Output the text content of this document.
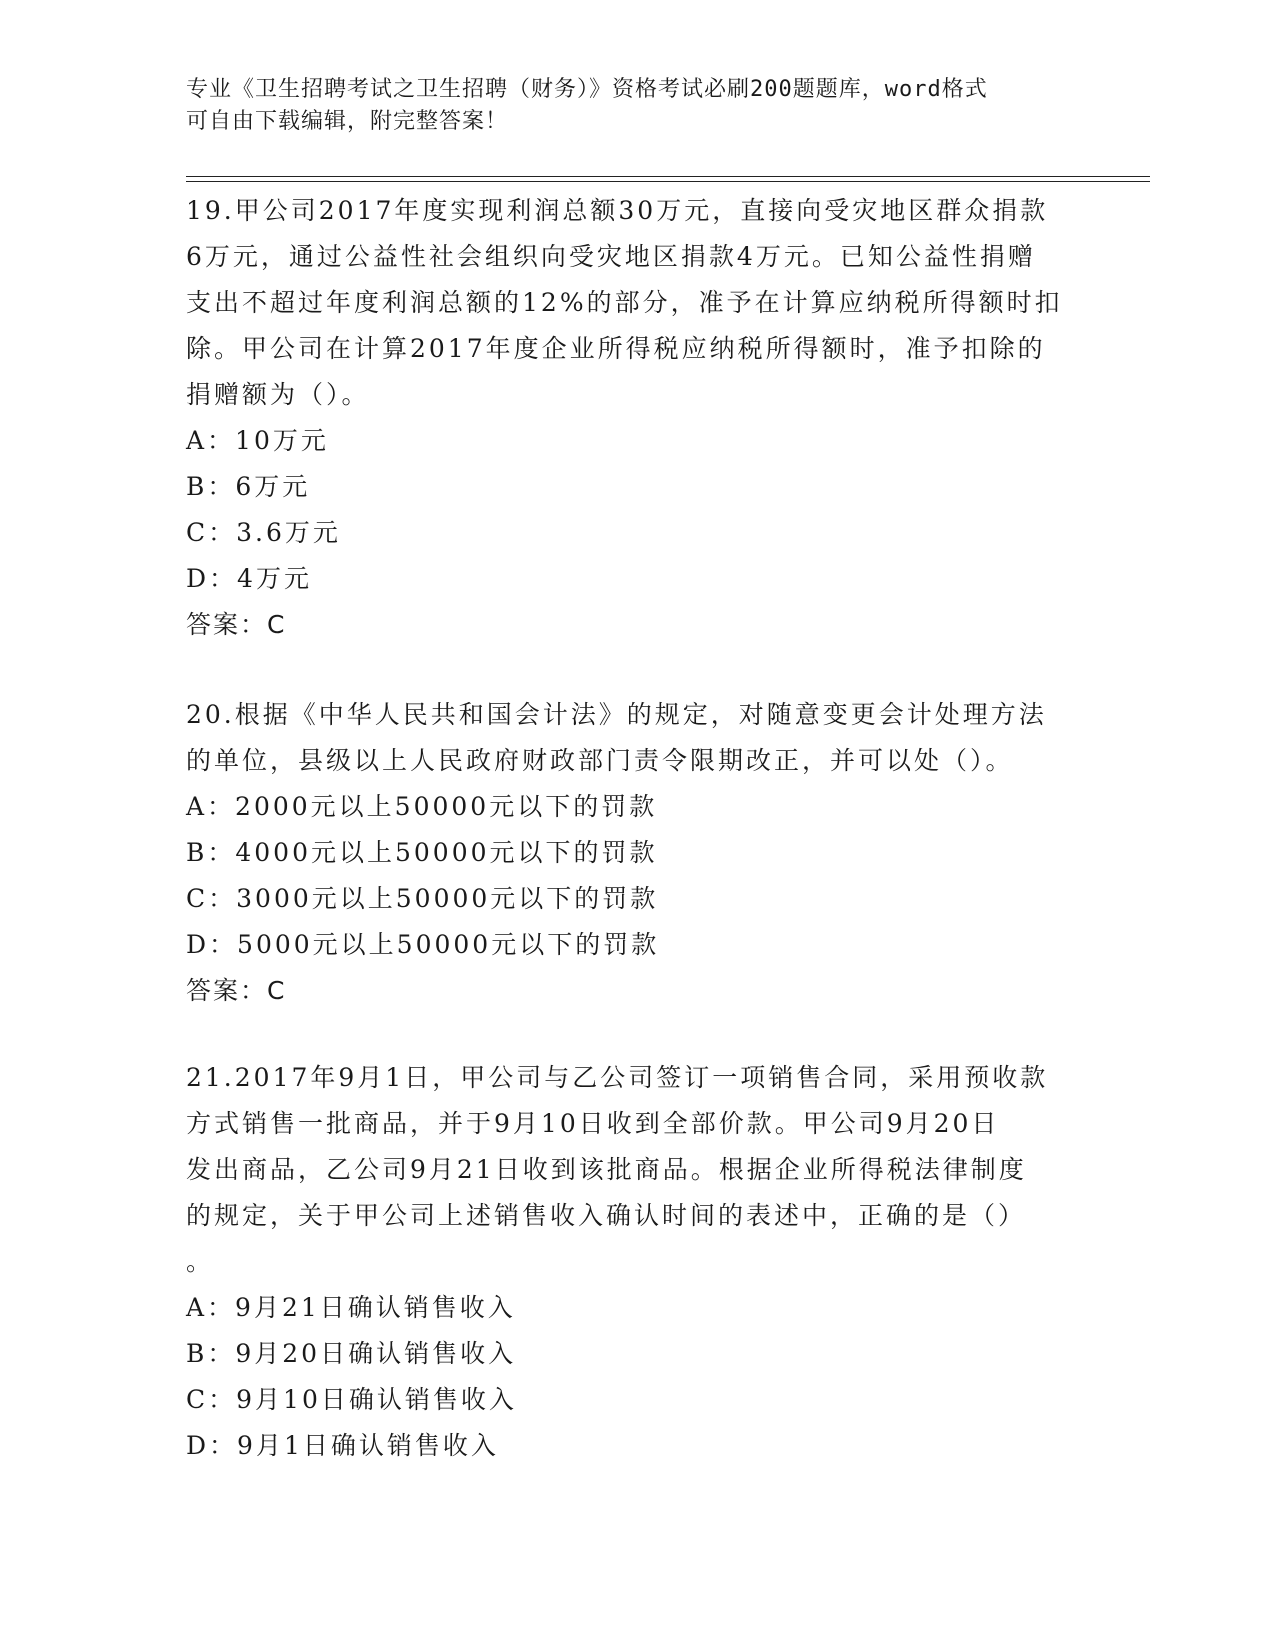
专业《卫生招聘考试之卫生招聘（财务）》资格考试必刷200题题库，word格式
可自由下载编辑，附完整答案！
19.甲公司2017年度实现利润总额30万元，直接向受灾地区群众捐款
6万元，通过公益性社会组织向受灾地区捐款4万元。已知公益性捐赠
支出不超过年度利润总额的12%的部分，准予在计算应纳税所得额时扣
除。甲公司在计算2017年度企业所得税应纳税所得额时，准予扣除的
捐赠额为（）。
A：10万元
B：6万元
C：3.6万元
D：4万元
答案：C
20.根据《中华人民共和国会计法》的规定，对随意变更会计处理方法
的单位，县级以上人民政府财政部门责令限期改正，并可以处（）。
A：2000元以上50000元以下的罚款
B：4000元以上50000元以下的罚款
C：3000元以上50000元以下的罚款
D：5000元以上50000元以下的罚款
答案：C
21.2017年9月1日，甲公司与乙公司签订一项销售合同，采用预收款
方式销售一批商品，并于9月10日收到全部价款。甲公司9月20日
发出商品，乙公司9月21日收到该批商品。根据企业所得税法律制度
的规定，关于甲公司上述销售收入确认时间的表述中，正确的是（）
。
A：9月21日确认销售收入
B：9月20日确认销售收入
C：9月10日确认销售收入
D：9月1日确认销售收入
